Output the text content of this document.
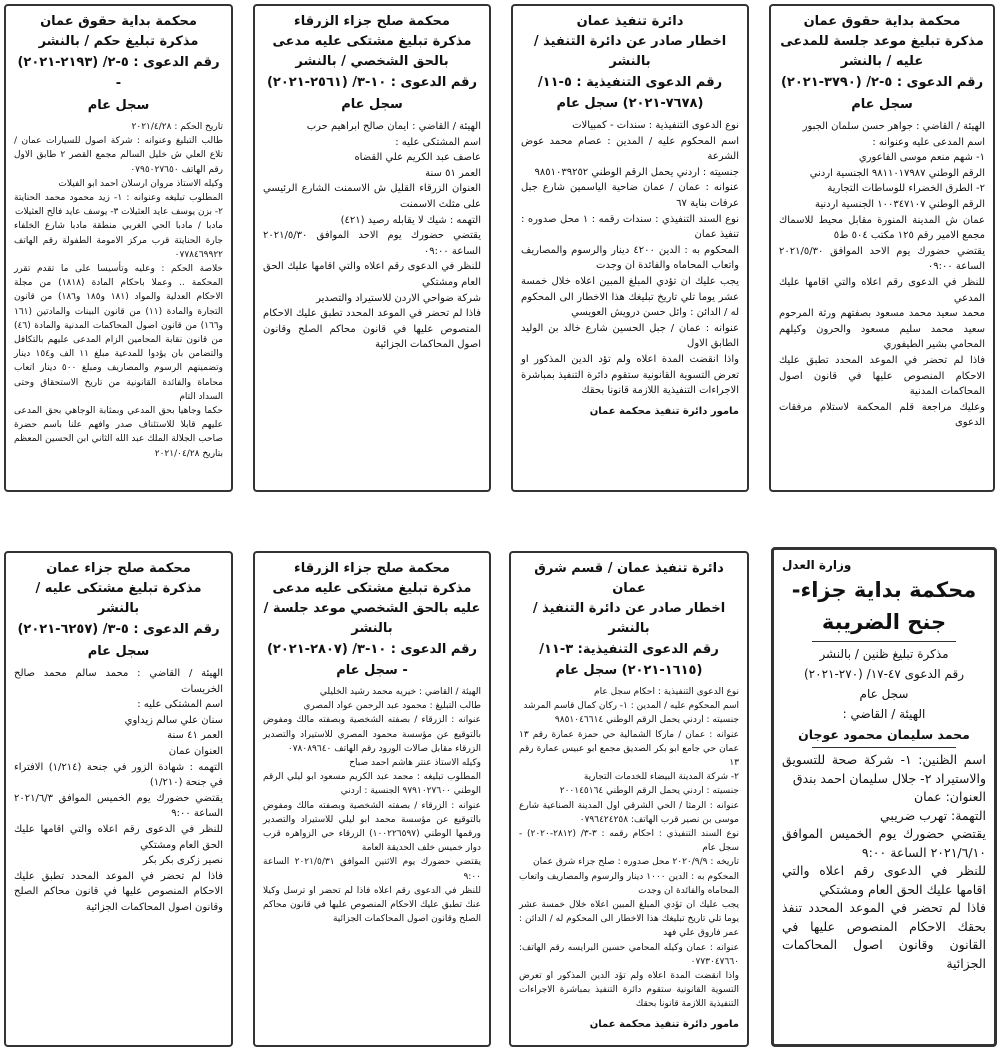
محكمة بداية حقوق عمان
مذكرة تبليغ موعد جلسة للمدعى عليه / بالنشر

رقم الدعوى : ٥-٢/ (٣٧٩٠-٢٠٢١)

سجل عام

الهيئة / القاضي : جواهر حسن سلمان الجبور

اسم المدعى عليه وعنوانه :

١- شهم منعم موسى الفاعوري

الرقم الوطني ٩٨١١٠١٧٩٨٧ الجنسية اردني

٢- الطرق الخضراء للوساطات التجارية

الرقم الوطني ١٠٠٣٤٧١٠٧ الجنسية اردنية

عمان ش المدينة المنورة مقابل محيط للاسماك مجمع الامير رقم ١٢٥ مكتب ٥٠٤ ط٥

يقتضي حضورك يوم الاحد الموافق ٢٠٢١/٥/٣٠ الساعة ٠٩:٠٠

للنظر في الدعوى رقم اعلاه والتي اقامها عليك المدعي

محمد سعيد محمد مسعود بصفتهم ورثة المرحوم سعيد محمد سليم مسعود والحرون وكيلهم المحامي بشير الطيفوري

فاذا لم تحضر في الموعد المحدد تطبق عليك الاحكام المنصوص عليها في قانون اصول المحاكمات المدنية

وعليك مراجعة قلم المحكمة لاستلام مرفقات الدعوى

دائرة تنفيذ عمان
اخطار صادر عن دائرة التنفيذ / بالنشر

رقم الدعوى التنفيذية : ٥-١١/ (٧٦٧٨-٢٠٢١) سجل عام

نوع الدعوى التنفيذية : سندات - كمبيالات

اسم المحكوم عليه / المدين : عصام محمد عوض الشرعة

جنسيته : اردني يحمل الرقم الوطني ٩٨٥١٠٣٩٢٥٢

عنوانه : عمان / عمان ضاحية الياسمين شارع جبل عرفات بناية ٦٧

نوع السند التنفيذي : سندات رقمه : ١ محل صدوره : تنفيذ عمان

المحكوم به : الدين ٤٢٠٠ دينار والرسوم والمصاريف واتعاب المحاماه والفائدة ان وجدت

يجب عليك ان تؤدي المبلغ المبين اعلاه خلال خمسة عشر يوما تلي تاريخ تبليغك هذا الاخطار الى المحكوم له / الدائن : وائل حسن درويش العويسي

عنوانه : عمان / جبل الحسين شارع خالد بن الوليد الطابق الاول

واذا انقضت المدة اعلاه ولم تؤد الدين المذكور او تعرض التسوية القانونية ستقوم دائرة التنفيذ بمباشرة الاجراءات التنفيذية اللازمة قانونا بحقك

مامور دائرة تنفيذ محكمة عمان
محكمة صلح جزاء الزرقاء
مذكرة تبليغ مشتكى عليه مدعى بالحق الشخصي / بالنشر

رقم الدعوى : ١٠-٣/ (٢٥٦١-٢٠٢١)

سجل عام

الهيئة / القاضي : ايمان صالح ابراهيم حرب

اسم المشتكى عليه :

عاصف عبد الكريم علي القضاه

العمر ٥١ سنة

العنوان الزرقاء القليل ش الاسمنت الشارع الرئيسي على مثلث الاسمنت

التهمه : شيك لا يقابله رصيد (٤٢١)

يقتضي حضورك يوم الاحد الموافق ٢٠٢١/٥/٣٠ الساعة ٠٩:٠٠

للنظر في الدعوى رقم اعلاه والتي اقامها عليك الحق العام ومشتكي

شركة ضواحي الاردن للاستيراد والتصدير

فاذا لم تحضر في الموعد المحدد تطبق عليك الاحكام المنصوص عليها في قانون محاكم الصلح وقانون اصول المحاكمات الجزائية

محكمة بداية حقوق عمان
مذكرة تبليغ حكم / بالنشر

رقم الدعوى : ٥-٢/ (٢١٩٣-٢٠٢١) -

سجل عام

تاريخ الحكم : ٢٠٢١/٤/٢٨

طالب التبليغ وعنوانه : شركة اصول للسيارات عمان / تلاع العلي ش خليل السالم مجمع القصر ٢ طابق الاول رقم الهاتف ٠٧٩٥٠٢٧٦٥٠

وكيله الاستاذ مروان ارسلان احمد ابو الفيلات

المطلوب تبليغه وعنوانه : ١- زيد محمود محمد الحنايتة ٢- بزن يوسف عايد العثيلات ٣- يوسف عايد فالح العثيلات

مادبا / مادبا الحي الغربي منطقة مادبا شارع الخلفاء جارة الحنايتة قرب مركز الامومة الطفولة رقم الهاتف ٠٧٧٨٤٦٩٩٢٢

خلاصة الحكم : وعليه وتأسيسا على ما تقدم تقرر المحكمة .. وعملا باحكام المادة (١٨١٨) من مجلة الاحكام العدلية والمواد (١٨١ و١٨٥ و١٨٦) من قانون التجارة والمادة (١١) من قانون البينات والمادتين (١٦١ و١٦٦) من قانون اصول المحاكمات المدنية والمادة (٤٦) من قانون نقابة المحامين الزام المدعى عليهم بالتكافل والتضامن بان يؤدوا للمدعية مبلغ ١١ الف و١٥٤ دينار وتضمينهم الرسوم والمصاريف ومبلغ ٥٠٠ دينار اتعاب محاماة والفائدة القانونية من تاريخ الاستحقاق وحتى السداد التام

حكما وجاهيا بحق المدعي وبمثابة الوجاهي بحق المدعى عليهم قابلا للاستئناف صدر وافهم علنا باسم حضرة صاحب الجلالة الملك عبد الله الثاني ابن الحسين المعظم بتاريخ ٢٠٢١/٠٤/٢٨

وزارة العدل

محكمة بداية جزاء- جنح الضريبة

مذكرة تبليغ ظنين / بالنشر

رقم الدعوى ٤٧-١٧/ (٢٧٠-٢٠٢١)

سجل عام

الهيئة / القاضي :

محمد سليمان محمود عوجان

اسم الظنين: ١- شركة صحة للتسويق والاستيراد ٢- جلال سليمان احمد بندق

العنوان: عمان

التهمة: تهرب ضريبي

يقتضي حضورك يوم الخميس الموافق ٢٠٢١/٦/١٠ الساعة ٩:٠٠

للنظر في الدعوى رقم اعلاه والتي اقامها عليك الحق العام ومشتكي

فاذا لم تحضر في الموعد المحدد تنفذ بحقك الاحكام المنصوص عليها في القانون وقانون اصول المحاكمات الجزائية

دائرة تنفيذ عمان / قسم شرق عمان
اخطار صادر عن دائرة التنفيذ / بالنشر

رقم الدعوى التنفيذية: ٣-١١/ (١٦١٥-٢٠٢١) سجل عام

نوع الدعوى التنفيذية : احكام سجل عام

اسم المحكوم عليه / المدين : ١- ركان كمال قاسم المرشد

جنسيته : اردني يحمل الرقم الوطني ٩٨٥١٠٤٦٦١٤

عنوانه : عمان / ماركا الشمالية حي حمزة عمارة رقم ١٣ عمان حي جامع ابو بكر الصديق مجمع ابو عبيس عمارة رقم ١٣

٢- شركة المدينة البيضاء للخدمات التجارية

جنسيته : اردني يحمل الرقم الوطني ٢٠٠١٤٥١٦٤

عنوانه : الرمثا / الحي الشرقي اول المدينة الصناعية شارع موسى بن نصير قرب الهاتف: ٠٧٩٦٤٢٤٢٥٨

نوع السند التنفيذي : احكام رقمه : ٣-٣/ (٢٨١٢-٢٠٢٠) - سجل عام

تاريخه : ٢٠٢٠/٩/٩ محل صدوره : صلح جزاء شرق عمان

المحكوم به : الدين ١٠٠٠ دينار والرسوم والمصاريف واتعاب المحاماه والفائدة ان وجدت

يجب عليك ان تؤدي المبلغ المبين اعلاه خلال خمسة عشر يوما تلي تاريخ تبليغك هذا الاخطار الى المحكوم له / الدائن : عمر فاروق علي فهد

عنوانه : عمان وكيله المحامي حسين البرايسه رقم الهاتف: ٠٧٧٣٠٤٧٦٦٠

واذا انقضت المدة اعلاه ولم تؤد الدين المذكور او تعرض التسوية القانونية ستقوم دائرة التنفيذ بمباشرة الاجراءات التنفيذية اللازمة قانونا بحقك

مامور دائرة تنفيذ محكمة عمان
محكمة صلح جزاء الزرقاء
مذكرة تبليغ مشتكى عليه مدعى عليه بالحق الشخصي موعد جلسة / بالنشر

رقم الدعوى : ١٠-٣/ (٢٨٠٧-٢٠٢١) - سجل عام

الهيئة / القاضي : خيريه محمد رشيد الخليلي

طالب التبليغ : محمود عبد الرحمن عواد المصري

عنوانه : الزرقاء / بصفته الشخصية وبصفته مالك ومفوض بالتوقيع عن مؤسسة محمود المصري للاستيراد والتصدير الزرقاء مقابل صالات الورود رقم الهاتف ٠٧٨٠٨٩٦٤٠

وكيله الاستاذ عنتر هاشم احمد صباح

المطلوب تبليغه : محمد عبد الكريم مسعود ابو ليلي الرقم الوطني ٩٧٩١٠٢٧٦٠٠ الجنسية : اردني

عنوانه : الزرقاء / بصفته الشخصية وبصفته مالك ومفوض بالتوقيع عن مؤسسة محمد ابو ليلي للاستيراد والتصدير ورقمها الوطني (١٠٠٢٢٦٥٩٧) الزرقاء حي الزواهره قرب دوار خميس خلف الحديقة العامة

يقتضي حضورك يوم الاثنين الموافق ٢٠٢١/٥/٣١ الساعة ٩:٠٠

للنظر في الدعوى رقم اعلاه فاذا لم تحضر او ترسل وكيلا عنك تطبق عليك الاحكام المنصوص عليها في قانون محاكم الصلح وقانون اصول المحاكمات الجزائية

محكمة صلح جزاء عمان
مذكرة تبليغ مشتكى عليه / بالنشر

رقم الدعوى : ٥-٣/ (٦٢٥٧-٢٠٢١)

سجل عام

الهيئة / القاضي : محمد سالم محمد صالح الخريسات

اسم المشتكى عليه :

سنان علي سالم زيداوي

العمر ٤١ سنة

العنوان عمان

التهمه : شهادة الزور في جنحة (١/٢١٤) الافتراء في جنحة (١/٢١٠)

يقتضي حضورك يوم الخميس الموافق ٢٠٢١/٦/٣ الساعة ٩:٠٠

للنظر في الدعوى رقم اعلاه والتي اقامها عليك الحق العام ومشتكي

نصير زكرى بكر بكر

فاذا لم تحضر في الموعد المحدد تطبق عليك الاحكام المنصوص عليها في قانون محاكم الصلح وقانون اصول المحاكمات الجزائية
